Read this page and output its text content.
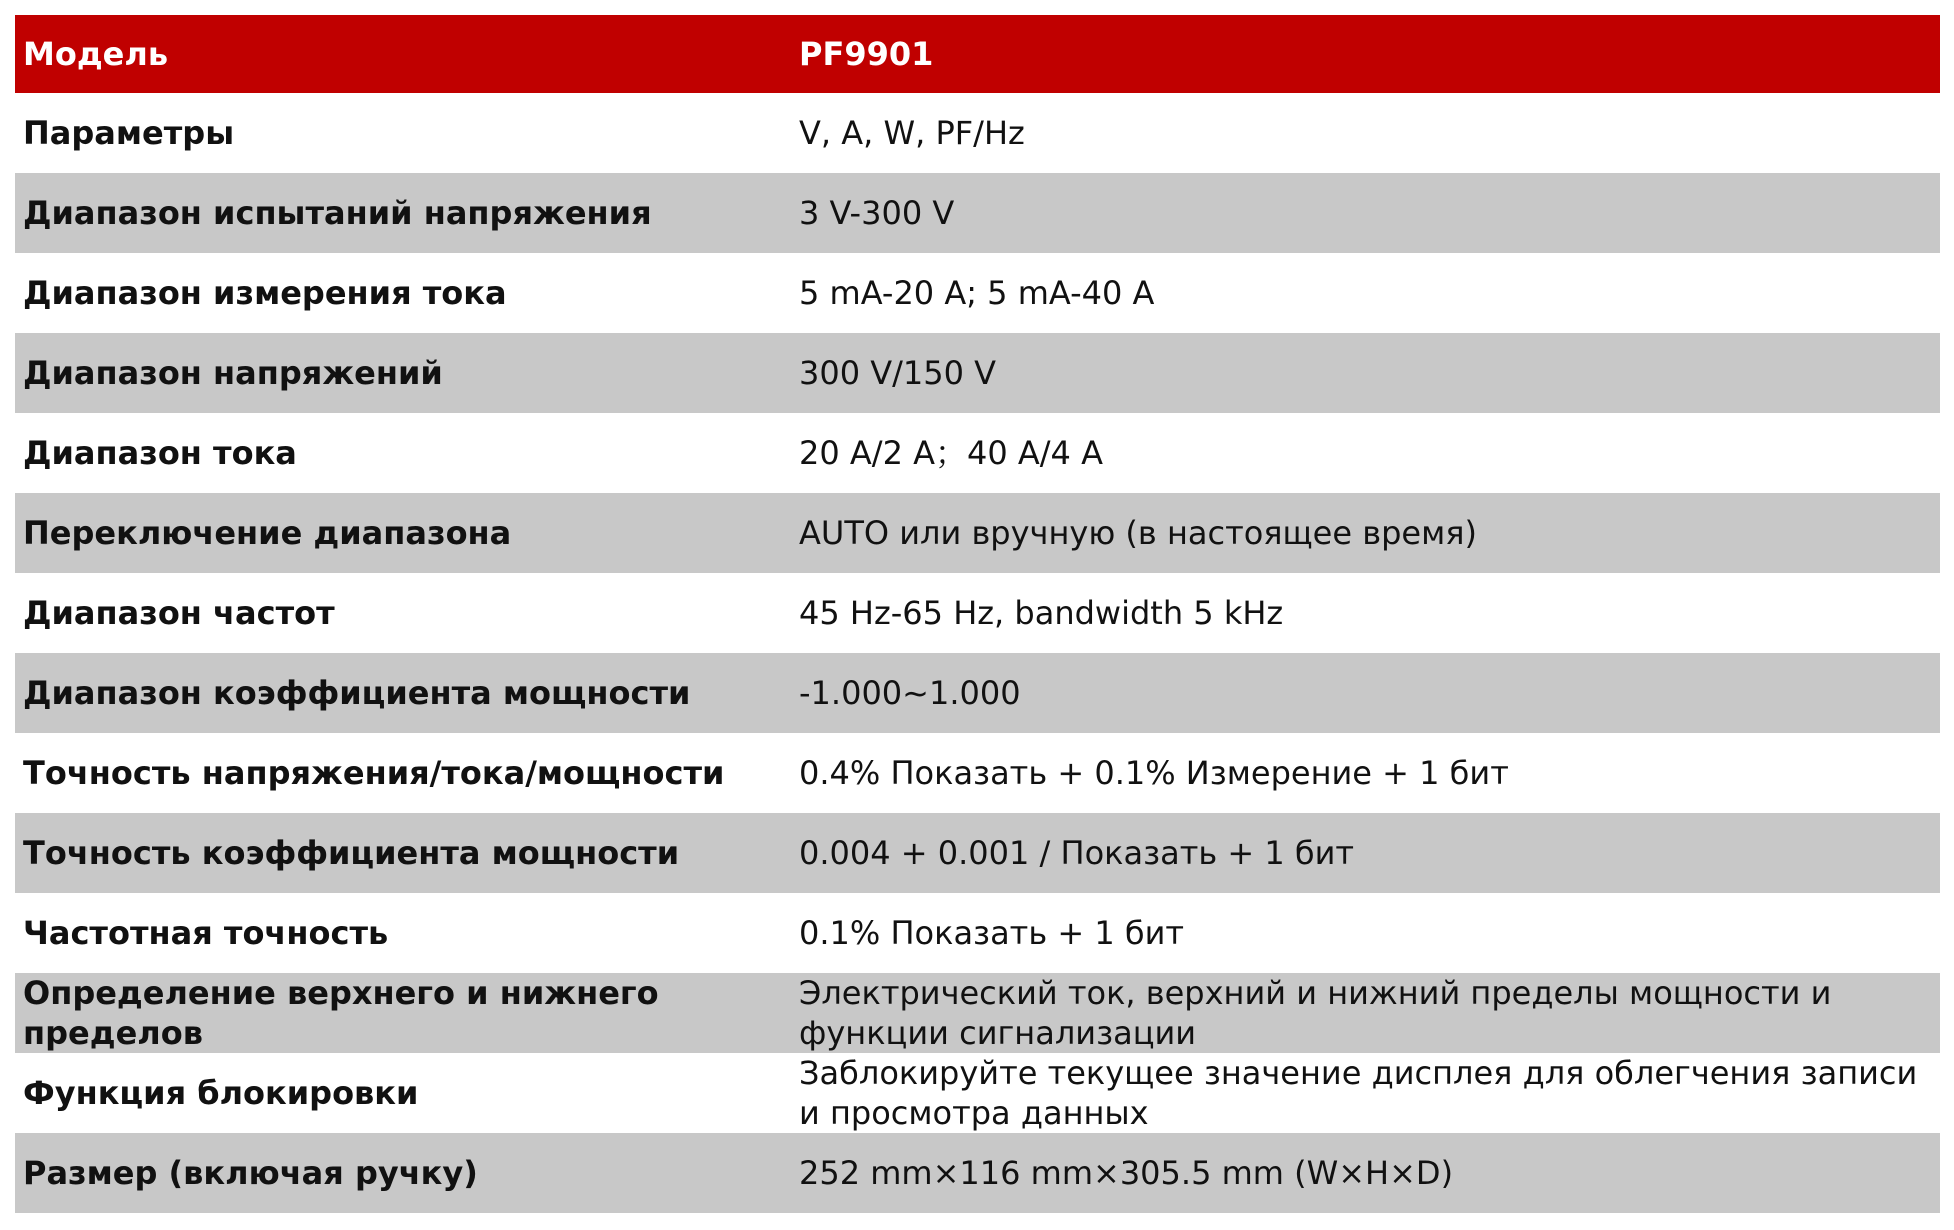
Модель	PF9901
Параметры	V, A, W, PF/Hz
Диапазон испытаний напряжения	3 V-300 V
Диапазон измерения тока	5 mA-20 A; 5 mA-40 A
Диапазон напряжений	300 V/150 V
Диапазон тока	20 A/2 A；40 A/4 A
Переключение диапазона	AUTO или вручную (в настоящее время)
Диапазон частот	45 Hz-65 Hz, bandwidth 5 kHz
Диапазон коэффициента мощности	-1.000~1.000
Точность напряжения/тока/мощности	0.4% Показать + 0.1% Измерение + 1 бит
Точность коэффициента мощности	0.004 + 0.001 / Показать + 1 бит
Частотная точность	0.1% Показать + 1 бит
Определение верхнего и нижнего пределов	Электрический ток, верхний и нижний пределы мощности и функции сигнализации
Функция блокировки	Заблокируйте текущее значение дисплея для облегчения записи и просмотра данных
Размер (включая ручку)	252 mm×116 mm×305.5 mm (W×H×D)
